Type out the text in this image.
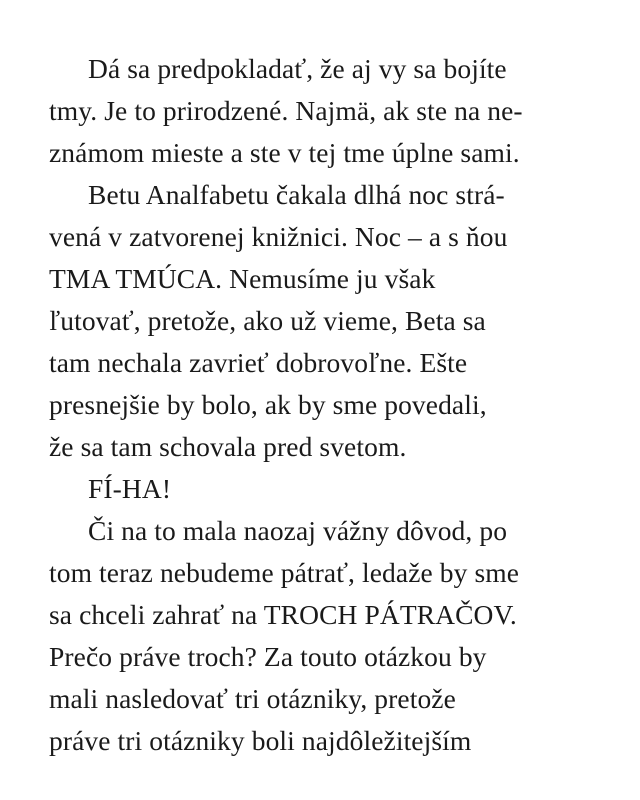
Dá sa predpokladať, že aj vy sa bojíte
tmy. Je to prirodzené. Najmä, ak ste na ne-
známom mieste a ste v tej tme úplne sami.
Betu Analfabetu čakala dlhá noc strá-
vená v zatvorenej knižnici. Noc – a s ňou
TMA TMÚCA. Nemusíme ju však
ľutovať, pretože, ako už vieme, Beta sa
tam nechala zavrieť dobrovoľne. Ešte
presnejšie by bolo, ak by sme povedali,
že sa tam schovala pred svetom.
FÍ-HA!
Či na to mala naozaj vážny dôvod, po
tom teraz nebudeme pátrať, ledaže by sme
sa chceli zahrať na TROCH PÁTRAČOV.
Prečo práve troch? Za touto otázkou by
mali nasledovať tri otázniky, pretože
práve tri otázniky boli najdôležitejším
